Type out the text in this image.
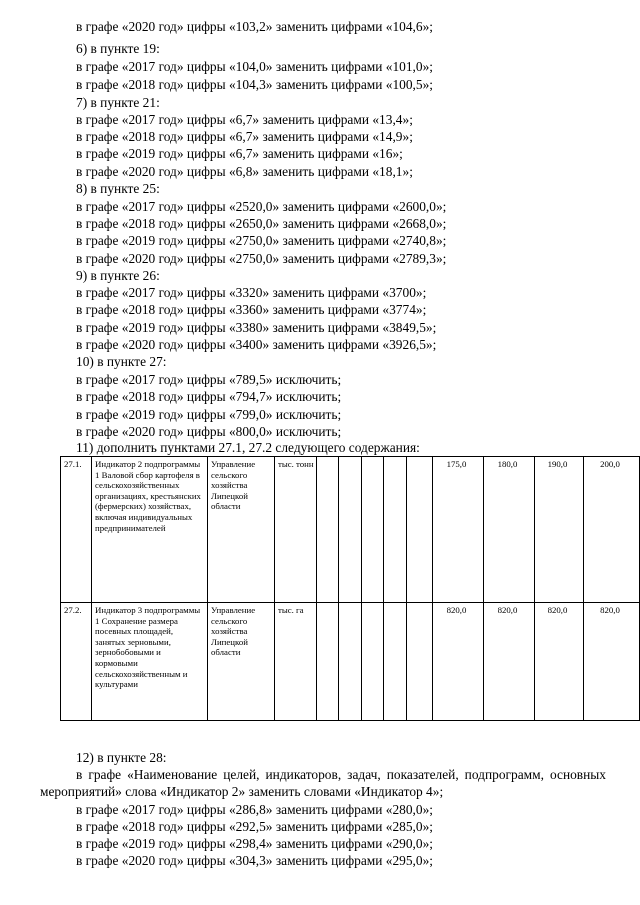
в графе «2020 год» цифры «103,2» заменить цифрами «104,6»;
6) в пункте 19:
в графе «2017 год» цифры «104,0» заменить цифрами «101,0»;
в графе «2018 год» цифры «104,3» заменить цифрами «100,5»;
7) в пункте 21:
в графе «2017 год» цифры «6,7» заменить цифрами «13,4»;
в графе «2018 год» цифры «6,7» заменить цифрами «14,9»;
в графе «2019 год» цифры «6,7» заменить цифрами «16»;
в графе «2020 год» цифры «6,8» заменить цифрами «18,1»;
8) в пункте 25:
в графе «2017 год» цифры «2520,0» заменить цифрами «2600,0»;
в графе «2018 год» цифры «2650,0» заменить цифрами «2668,0»;
в графе «2019 год» цифры «2750,0» заменить цифрами «2740,8»;
в графе «2020 год» цифры «2750,0» заменить цифрами «2789,3»;
9) в пункте 26:
в графе «2017 год» цифры «3320» заменить цифрами «3700»;
в графе «2018 год» цифры «3360» заменить цифрами «3774»;
в графе «2019 год» цифры «3380» заменить цифрами «3849,5»;
в графе «2020 год» цифры «3400» заменить цифрами «3926,5»;
10) в пункте 27:
в графе «2017 год» цифры «789,5» исключить;
в графе «2018 год» цифры «794,7» исключить;
в графе «2019 год» цифры «799,0» исключить;
в графе «2020 год» цифры «800,0» исключить;
11) дополнить пунктами 27.1, 27.2 следующего содержания:
27.1.	Индикатор 2 подпрограммы 1 Валовой сбор картофеля в сельскохозяйственных организациях, крестьянских (фермерских) хозяйствах, включая индивидуальных предпринимателей	Управление сельского хозяйства Липецкой области	тыс. тонн						175,0	180,0	190,0	200,0
27.2.	Индикатор 3 подпрограммы 1 Сохранение размера посевных площадей, занятых зерновыми, зернобобовыми и кормовыми сельскохозяйственным и культурами	Управление сельского хозяйства Липецкой области	тыс. га						820,0	820,0	820,0	820,0
12) в пункте 28:
в графе «Наименование целей, индикаторов, задач, показателей, подпрограмм, основных мероприятий» слова «Индикатор 2» заменить словами «Индикатор 4»;
в графе «2017 год» цифры «286,8» заменить цифрами «280,0»;
в графе «2018 год» цифры «292,5» заменить цифрами «285,0»;
в графе «2019 год» цифры «298,4» заменить цифрами «290,0»;
в графе «2020 год» цифры «304,3» заменить цифрами «295,0»;
